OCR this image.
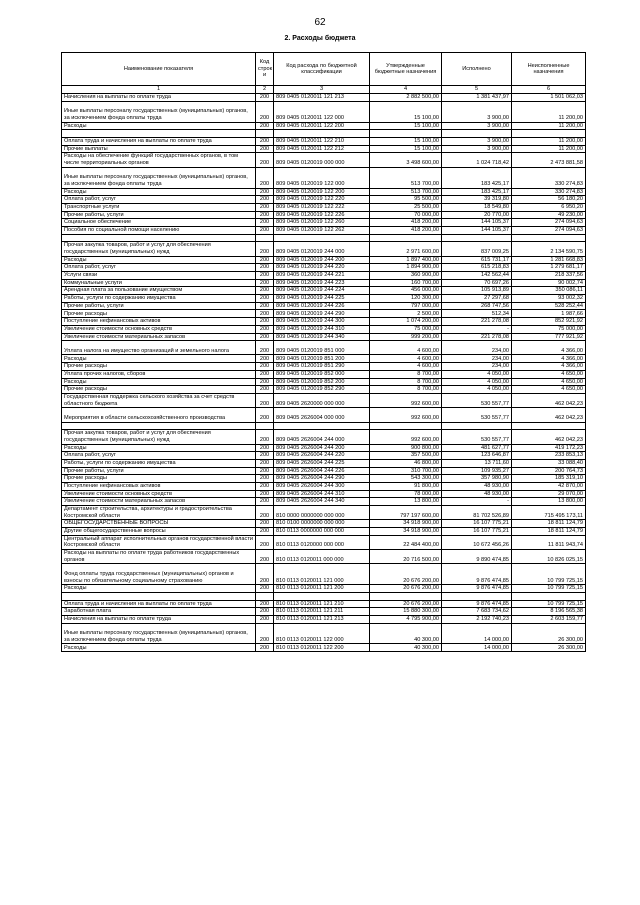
62
2. Расходы бюджета
Наименование показателя	Код строк и	Код расхода по бюджетной классификации	Утвержденные бюджетные назначения	Исполнено	Неисполненные назначения
1	2	3	4	5	6
Начисления на выплаты по оплате труда	200	809 0405 0120011 121 213	2 882 500,00	1 381 437,97	1 501 062,03
Иные выплаты персоналу государственных (муниципальных) органов, за исключением фонда оплаты труда	200	809 0405 0120011 122 000	15 100,00	3 900,00	11 200,00
Расходы	200	809 0405 0120011 122 200	15 100,00	3 900,00	11 200,00

Оплата труда и начисления на выплаты по оплате труда	200	809 0405 0120011 122 210	15 100,00	3 900,00	11 200,00
Прочие выплаты	200	809 0405 0120011 122 212	15 100,00	3 900,00	11 200,00
Расходы на обеспечение функций государственных органов, в том числе территориальных органов	200	809 0405 0120019 000 000	3 498 600,00	1 024 718,42	2 473 881,58
Иные выплаты персоналу государственных (муниципальных) органов, за исключением фонда оплаты труда	200	809 0405 0120019 122 000	513 700,00	183 425,17	330 274,83
Расходы	200	809 0405 0120019 122 200	513 700,00	183 425,17	330 274,83
Оплата работ, услуг	200	809 0405 0120019 122 220	95 500,00	39 319,80	56 180,20
Транспортные услуги	200	809 0405 0120019 122 222	25 500,00	18 549,80	6 950,20
Прочие работы, услуги	200	809 0405 0120019 122 226	70 000,00	20 770,00	49 230,00
Социальное обеспечение	200	809 0405 0120019 122 260	418 200,00	144 105,37	274 094,63
Пособия по социальной помощи населению	200	809 0405 0120019 122 262	418 200,00	144 105,37	274 094,63

Прочая закупка товаров, работ и услуг для обеспечения государственных (муниципальных) нужд	200	809 0405 0120019 244 000	2 971 600,00	837 009,25	2 134 590,75
Расходы	200	809 0405 0120019 244 200	1 897 400,00	615 731,17	1 281 668,83
Оплата работ, услуг	200	809 0405 0120019 244 220	1 894 900,00	615 218,83	1 279 681,17
Услуги связи	200	809 0405 0120019 244 221	360 900,00	142 562,44	218 337,56
Коммунальные услуги	200	809 0405 0120019 244 223	160 700,00	70 697,26	90 002,74
Арендная плата за пользование имуществом	200	809 0405 0120019 244 224	456 000,00	105 913,89	350 086,11
Работы, услуги по содержанию имущества	200	809 0405 0120019 244 225	120 300,00	27 297,68	93 002,32
Прочие работы, услуги	200	809 0405 0120019 244 226	797 000,00	268 747,56	528 252,44
Прочие расходы	200	809 0405 0120019 244 290	2 500,00	512,34	1 987,66
Поступление нефинансовых активов	200	809 0405 0120019 244 300	1 074 200,00	221 278,08	852 921,92
Увеличение стоимости основных средств	200	809 0405 0120019 244 310	75 000,00	-	75 000,00
Увеличение стоимости материальных запасов	200	809 0405 0120019 244 340	999 200,00	221 278,08	777 921,92
Уплата налога на имущество организаций и земельного налога	200	809 0405 0120019 851 000	4 600,00	234,00	4 366,00
Расходы	200	809 0405 0120019 851 200	4 600,00	234,00	4 366,00
Прочие расходы	200	809 0405 0120019 851 290	4 600,00	234,00	4 366,00
Уплата прочих налогов, сборов	200	809 0405 0120019 852 000	8 700,00	4 050,00	4 650,00
Расходы	200	809 0405 0120019 852 200	8 700,00	4 050,00	4 650,00
Прочие расходы	200	809 0405 0120019 852 290	8 700,00	4 050,00	4 650,00
Государственная поддержка сельского хозяйства за счет средств областного бюджета	200	809 0405 2620000 000 000	992 600,00	530 557,77	462 042,23
Мероприятия в области сельскохозяйственного производства	200	809 0405 2626004 000 000	992 600,00	530 557,77	462 042,23

Прочая закупка товаров, работ и услуг для обеспечения государственных (муниципальных) нужд	200	809 0405 2626004 244 000	992 600,00	530 557,77	462 042,23
Расходы	200	809 0405 2626004 244 200	900 800,00	481 627,77	419 172,23
Оплата работ, услуг	200	809 0405 2626004 244 220	357 500,00	123 646,87	233 853,13
Работы, услуги по содержанию имущества	200	809 0405 2626004 244 225	46 800,00	13 711,60	33 088,40
Прочие работы, услуги	200	809 0405 2626004 244 226	310 700,00	109 935,27	200 764,73
Прочие расходы	200	809 0405 2626004 244 290	543 300,00	357 980,90	185 319,10
Поступление нефинансовых активов	200	809 0405 2626004 244 300	91 800,00	48 930,00	42 870,00
Увеличение стоимости основных средств	200	809 0405 2626004 244 310	78 000,00	48 930,00	29 070,00
Увеличение стоимости материальных запасов	200	809 0405 2626004 244 340	13 800,00	-	13 800,00
Департамент строительства, архитектуры и градостроительства Костромской области	200	810 0000 0000000 000 000	797 197 600,00	81 702 526,89	715 495 173,11
ОБЩЕГОСУДАРСТВЕННЫЕ ВОПРОСЫ	200	810 0100 0000000 000 000	34 918 900,00	16 107 775,21	18 811 124,79
Другие общегосударственные вопросы	200	810 0113 0000000 000 000	34 918 900,00	16 107 775,21	18 811 124,79
Центральный аппарат исполнительных органов государственной власти Костромской области	200	810 0113 0120000 000 000	22 484 400,00	10 672 456,26	11 811 943,74
Расходы на выплаты по оплате труда работников государственных органов	200	810 0113 0120011 000 000	20 716 500,00	9 890 474,85	10 826 025,15
Фонд оплаты труда государственных (муниципальных) органов и взносы по обязательному социальному страхованию	200	810 0113 0120011 121 000	20 676 200,00	9 876 474,85	10 799 725,15
Расходы	200	810 0113 0120011 121 200	20 676 200,00	9 876 474,85	10 799 725,15

Оплата труда и начисления на выплаты по оплате труда	200	810 0113 0120011 121 210	20 676 200,00	9 876 474,85	10 799 725,15
Заработная плата	200	810 0113 0120011 121 211	15 880 300,00	7 683 734,62	8 196 565,38
Начисления на выплаты по оплате труда	200	810 0113 0120011 121 213	4 795 900,00	2 192 740,23	2 603 159,77
Иные выплаты персоналу государственных (муниципальных) органов, за исключением фонда оплаты труда	200	810 0113 0120011 122 000	40 300,00	14 000,00	26 300,00
Расходы	200	810 0113 0120011 122 200	40 300,00	14 000,00	26 300,00
